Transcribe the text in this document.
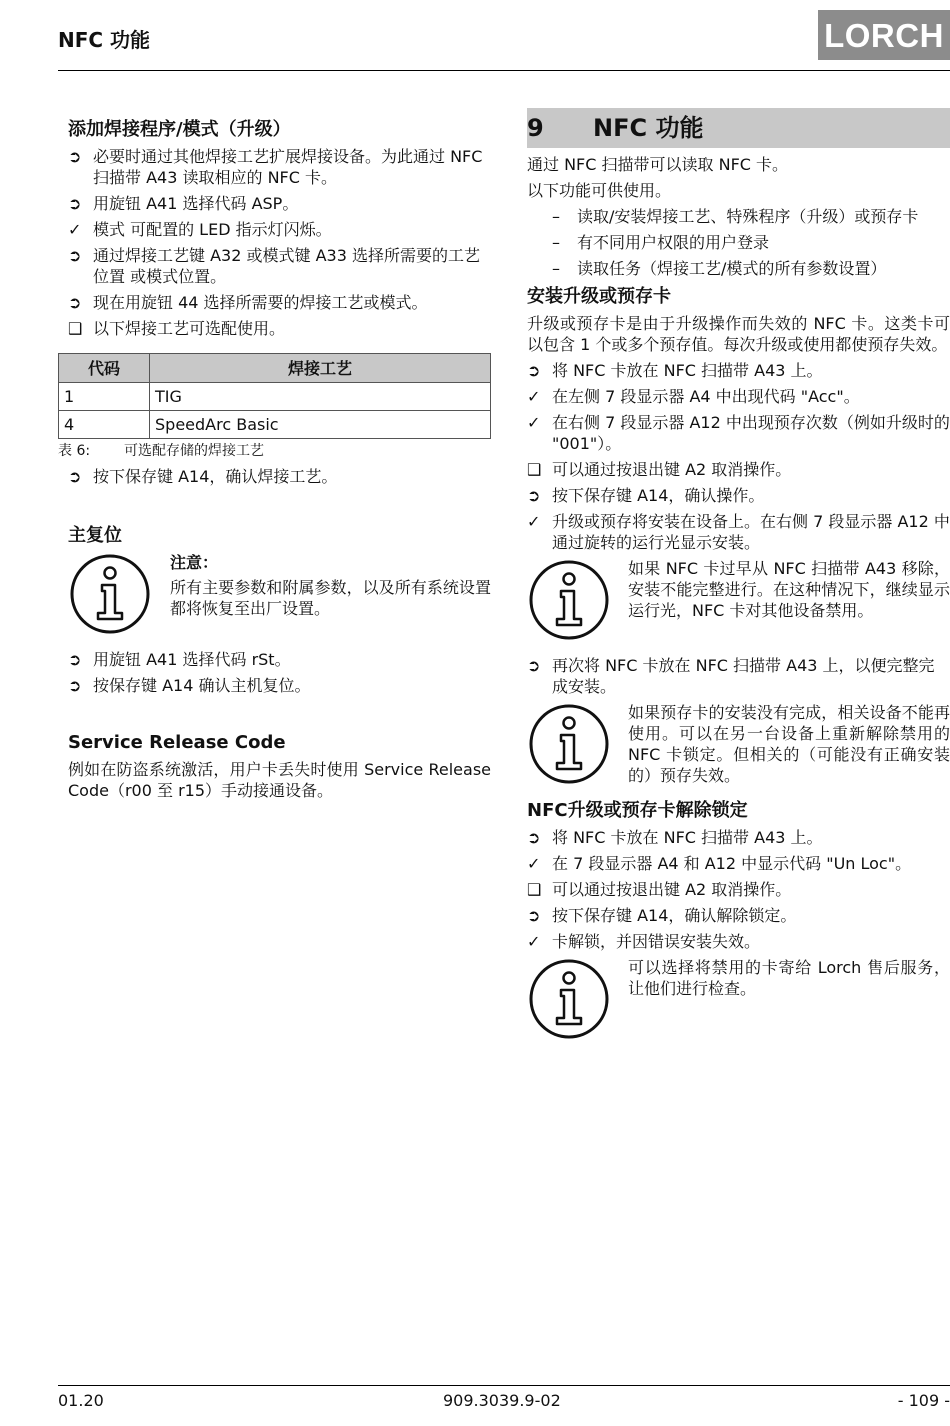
NFC 功能	LORCH
添加焊接程序/模式（升级）
➲ 必要时通过其他焊接工艺扩展焊接设备。为此通过 NFC 扫描带 A43 读取相应的 NFC 卡。
➲ 用旋钮 A41 选择代码 ASP。
✓ 模式 可配置的 LED 指示灯闪烁。
➲ 通过焊接工艺键 A32 或模式键 A33 选择所需要的工艺位置 或模式位置。
➲ 现在用旋钮 44 选择所需要的焊接工艺或模式。
❑ 以下焊接工艺可选配使用。
代码	焊接工艺
1	TIG
4	SpeedArc Basic
表 6: 可选配存储的焊接工艺
➲ 按下保存键 A14，确认焊接工艺。
主复位
注意：
所有主要参数和附属参数，以及所有系统设置都将恢复至出厂设置。
➲ 用旋钮 A41 选择代码 rSt。
➲ 按保存键 A14 确认主机复位。
Service Release Code

例如在防盗系统激活，用户卡丢失时使用 Service Release Code（r00 至 r15）手动接通设备。

9	NFC 功能

通过 NFC 扫描带可以读取 NFC 卡。

以下功能可供使用。

– 读取/安装焊接工艺、特殊程序（升级）或预存卡
– 有不同用户权限的用户登录
– 读取任务（焊接工艺/模式的所有参数设置）
安装升级或预存卡

升级或预存卡是由于升级操作而失效的 NFC 卡。这类卡可以包含 1 个或多个预存值。每次升级或使用都使预存失效。

➲ 将 NFC 卡放在 NFC 扫描带 A43 上。
✓ 在左侧 7 段显示器 A4 中出现代码 "Acc"。
✓ 在右侧 7 段显示器 A12 中出现预存次数（例如升级时的 "001"）。
❑ 可以通过按退出键 A2 取消操作。
➲ 按下保存键 A14，确认操作。
✓ 升级或预存将安装在设备上。在右侧 7 段显示器 A12 中通过旋转的运行光显示安装。
如果 NFC 卡过早从 NFC 扫描带 A43 移除，安装不能完整进行。在这种情况下，继续显示运行光，NFC 卡对其他设备禁用。
➲ 再次将 NFC 卡放在 NFC 扫描带 A43 上，以便完整完成安装。
如果预存卡的安装没有完成，相关设备不能再使用。可以在另一台设备上重新解除禁用的 NFC 卡锁定。但相关的（可能没有正确安装的）预存失效。
NFC升级或预存卡解除锁定
➲ 将 NFC 卡放在 NFC 扫描带 A43 上。
✓ 在 7 段显示器 A4 和 A12 中显示代码 "Un Loc"。
❑ 可以通过按退出键 A2 取消操作。
➲ 按下保存键 A14，确认解除锁定。
✓ 卡解锁，并因错误安装失效。
可以选择将禁用的卡寄给 Lorch 售后服务，让他们进行检查。
01.20	909.3039.9-02	- 109 -
